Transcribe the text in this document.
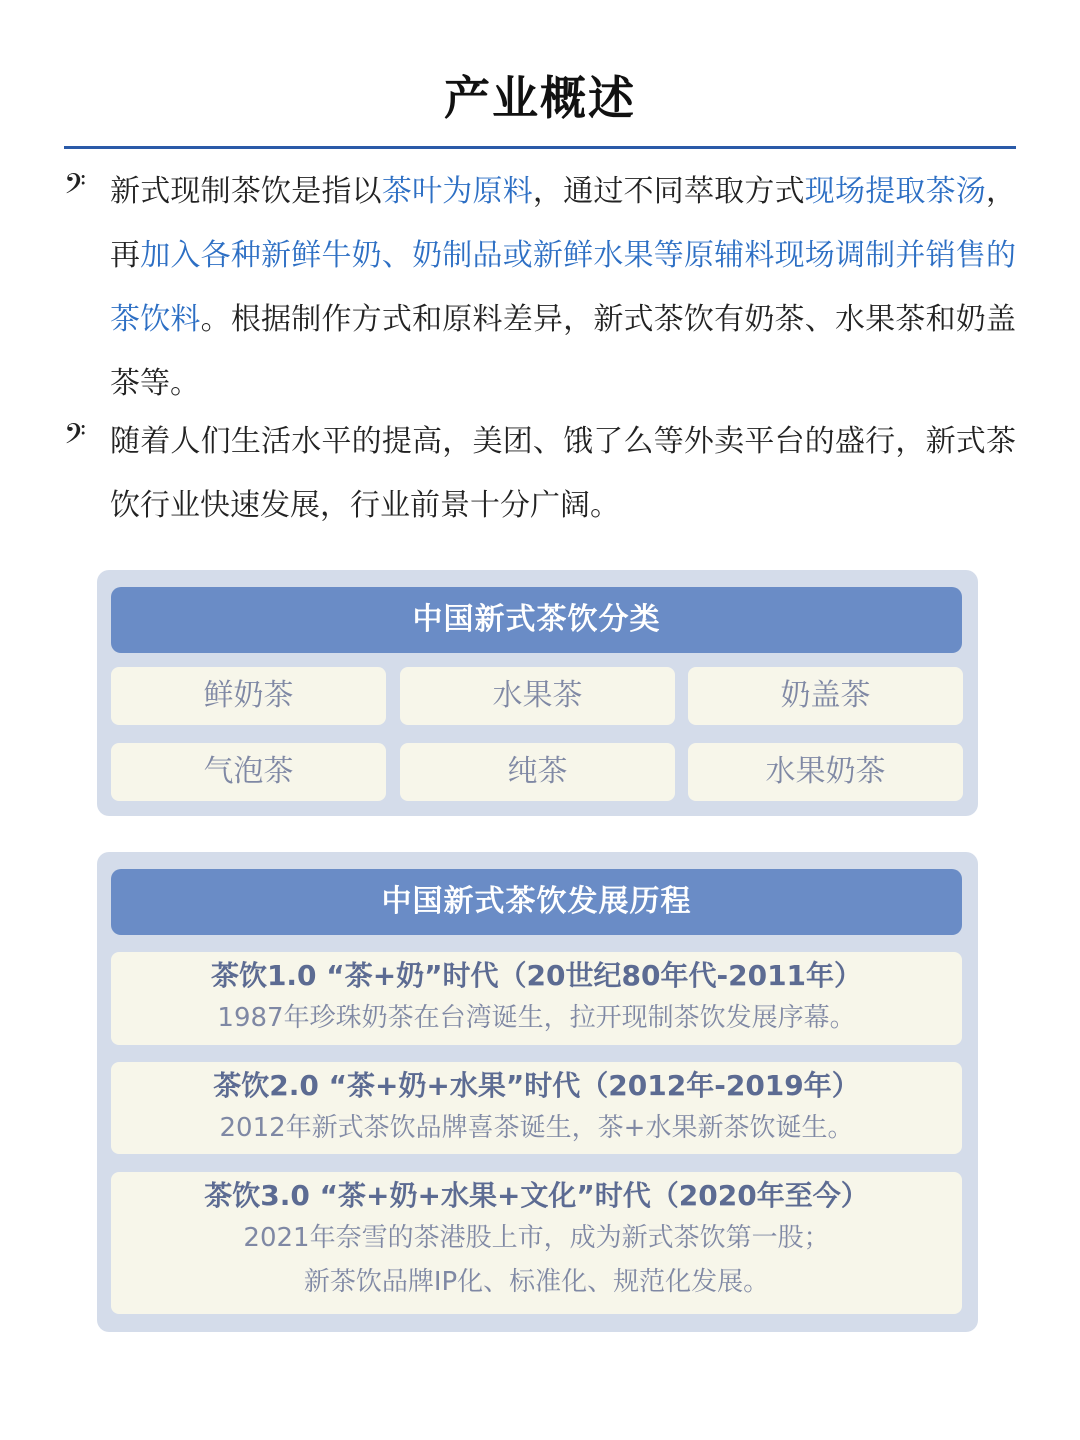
产业概述
𝄢 新式现制茶饮是指以茶叶为原料，通过不同萃取方式现场提取茶汤，再加入各种新鲜牛奶、奶制品或新鲜水果等原辅料现场调制并销售的茶饮料。根据制作方式和原料差异，新式茶饮有奶茶、水果茶和奶盖茶等。
𝄢 随着人们生活水平的提高，美团、饿了么等外卖平台的盛行，新式茶饮行业快速发展，行业前景十分广阔。
中国新式茶饮分类
鲜奶茶	水果茶	奶盖茶
气泡茶	纯茶	水果奶茶
中国新式茶饮发展历程
茶饮1.0 “茶+奶”时代（20世纪80年代-2011年）
1987年珍珠奶茶在台湾诞生，拉开现制茶饮发展序幕。
茶饮2.0 “茶+奶+水果”时代（2012年-2019年）
2012年新式茶饮品牌喜茶诞生，茶+水果新茶饮诞生。
茶饮3.0 “茶+奶+水果+文化”时代（2020年至今）
2021年奈雪的茶港股上市，成为新式茶饮第一股；
新茶饮品牌IP化、标准化、规范化发展。
